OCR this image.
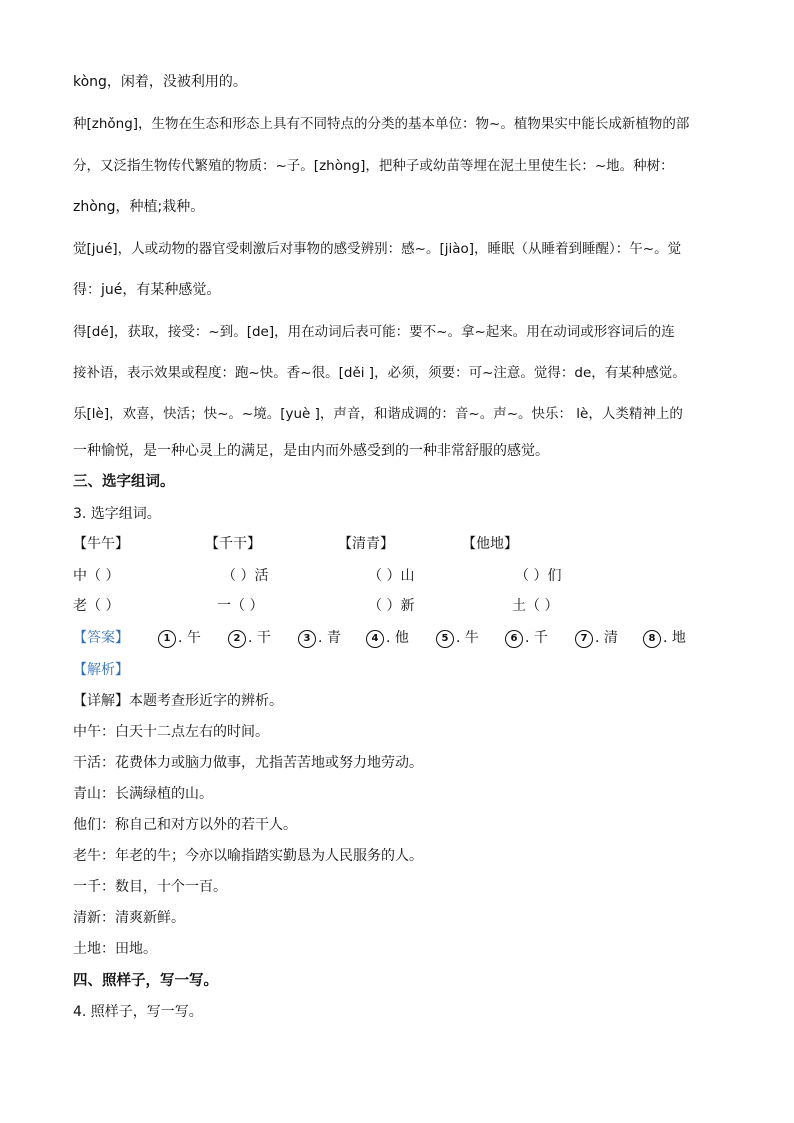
kòng，闲着，没被利用的。
种[zhǒng]，生物在生态和形态上具有不同特点的分类的基本单位：物~。植物果实中能长成新植物的部
分，又泛指生物传代繁殖的物质：~子。[zhòng]，把种子或幼苗等埋在泥土里使生长：~地。种树：
zhòng，种植;栽种。
觉[jué]，人或动物的器官受刺激后对事物的感受辨别：感~。[jiào]，睡眠（从睡着到睡醒）：午~。觉
得：jué，有某种感觉。
得[dé]，获取，接受：~到。[de]，用在动词后表可能：要不~。拿~起来。用在动词或形容词后的连
接补语，表示效果或程度：跑~快。香~很。[děi ]，必须，须要：可~注意。觉得：de，有某种感觉。
乐[lè]，欢喜，快活；快~。~境。[yuè ]，声音，和谐成调的：音~。声~。快乐： lè，人类精神上的
一种愉悦，是一种心灵上的满足，是由内而外感受到的一种非常舒服的感觉。
三、选字组词。
3. 选字组词。
【牛午】	【千干】	【清青】	【他地】
中（ ）	（ ）活	（ ）山	（ ）们
老（ ）	一（ ）	（ ）新	土（ ）
【答案】	1 . 午	2 . 干	3 . 青	4 . 他	5 . 牛	6 . 千	7 . 清	8 . 地
【解析】
【详解】本题考查形近字的辨析。
中午：白天十二点左右的时间。
干活：花费体力或脑力做事，尤指苦苦地或努力地劳动。
青山：长满绿植的山。
他们：称自己和对方以外的若干人。
老牛：年老的牛；今亦以喻指踏实勤恳为人民服务的人。
一千：数目，十个一百。
清新：清爽新鲜。
土地：田地。
四、照样子，写一写。
4. 照样子，写一写。
